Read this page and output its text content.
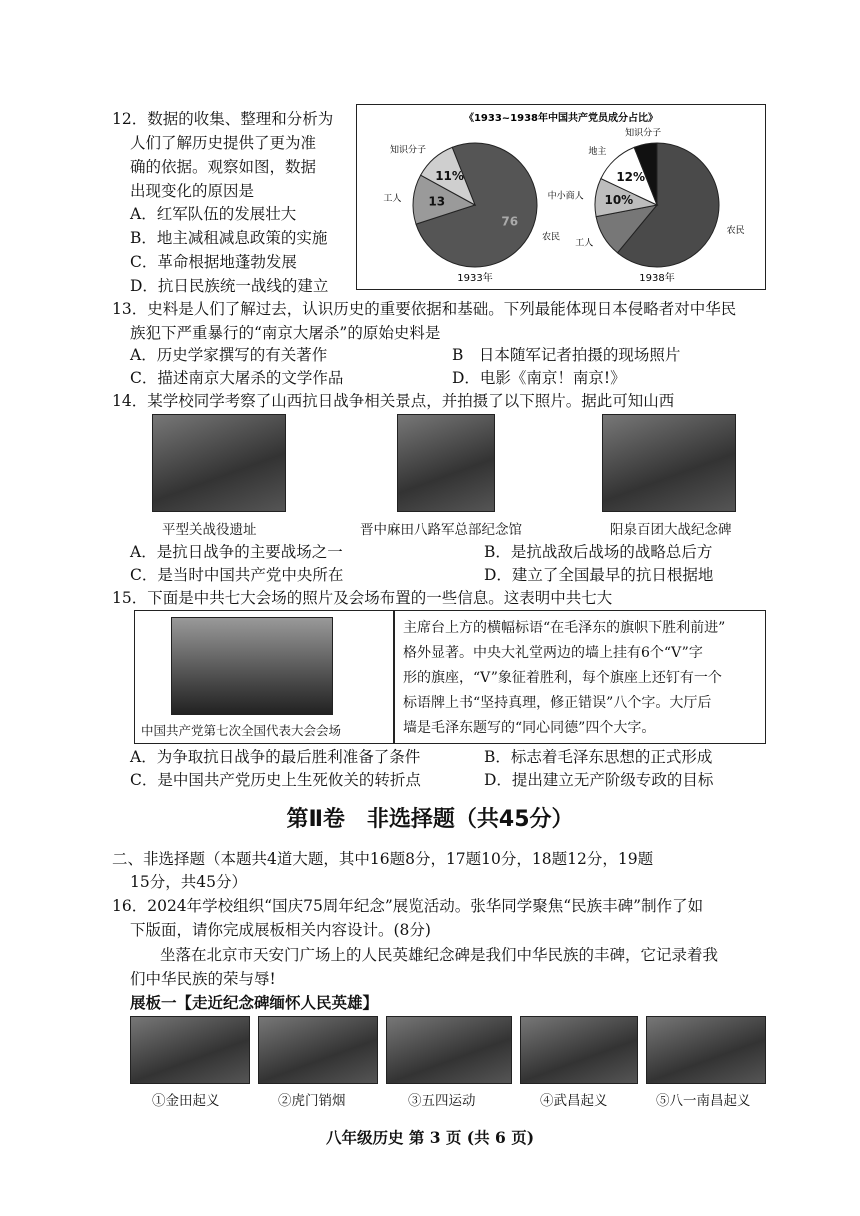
12．数据的收集、整理和分析为
人们了解历史提供了更为准
确的依据。观察如图，数据
出现变化的原因是
A．红军队伍的发展壮大
B．地主减租减息政策的实施
C．革命根据地蓬勃发展
D．抗日民族统一战线的建立
《1933~1938年中国共产党员成分占比》
76
农民
13
工人
11%
知识分子
1933年
农民
工人
10%
中小商人
12%
地主
知识分子
1938年
13．史料是人们了解过去，认识历史的重要依据和基础。下列最能体现日本侵略者对中华民
族犯下严重暴行的“南京大屠杀”的原始史料是
A．历史学家撰写的有关著作	B　日本随军记者拍摄的现场照片
C．描述南京大屠杀的文学作品	D．电影《南京！南京!》
14．某学校同学考察了山西抗日战争相关景点，并拍摄了以下照片。据此可知山西
平型关战役遗址	晋中麻田八路军总部纪念馆	阳泉百团大战纪念碑
A．是抗日战争的主要战场之一	B．是抗战敌后战场的战略总后方
C．是当时中国共产党中央所在	D．建立了全国最早的抗日根据地
15．下面是中共七大会场的照片及会场布置的一些信息。这表明中共七大
中国共产党第七次全国代表大会会场
主席台上方的横幅标语“在毛泽东的旗帜下胜利前进”
格外显著。中央大礼堂两边的墙上挂有6个“V”字
形的旗座，“V”象征着胜利，每个旗座上还钉有一个
标语牌上书“坚持真理，修正错误”八个字。大厅后
墙是毛泽东题写的“同心同德”四个大字。
A．为争取抗日战争的最后胜利准备了条件	B．标志着毛泽东思想的正式形成
C．是中国共产党历史上生死攸关的转折点	D．提出建立无产阶级专政的目标
第Ⅱ卷　非选择题（共45分）
二、非选择题（本题共4道大题，其中16题8分，17题10分，18题12分，19题
15分，共45分）
16．2024年学校组织“国庆75周年纪念”展览活动。张华同学聚焦“民族丰碑”制作了如
下版面，请你完成展板相关内容设计。(8分)
坐落在北京市天安门广场上的人民英雄纪念碑是我们中华民族的丰碑，它记录着我
们中华民族的荣与辱!
展板一【走近纪念碑缅怀人民英雄】
①金田起义	②虎门销烟	③五四运动	④武昌起义	⑤八一南昌起义
八年级历史 第 3 页 (共 6 页)
